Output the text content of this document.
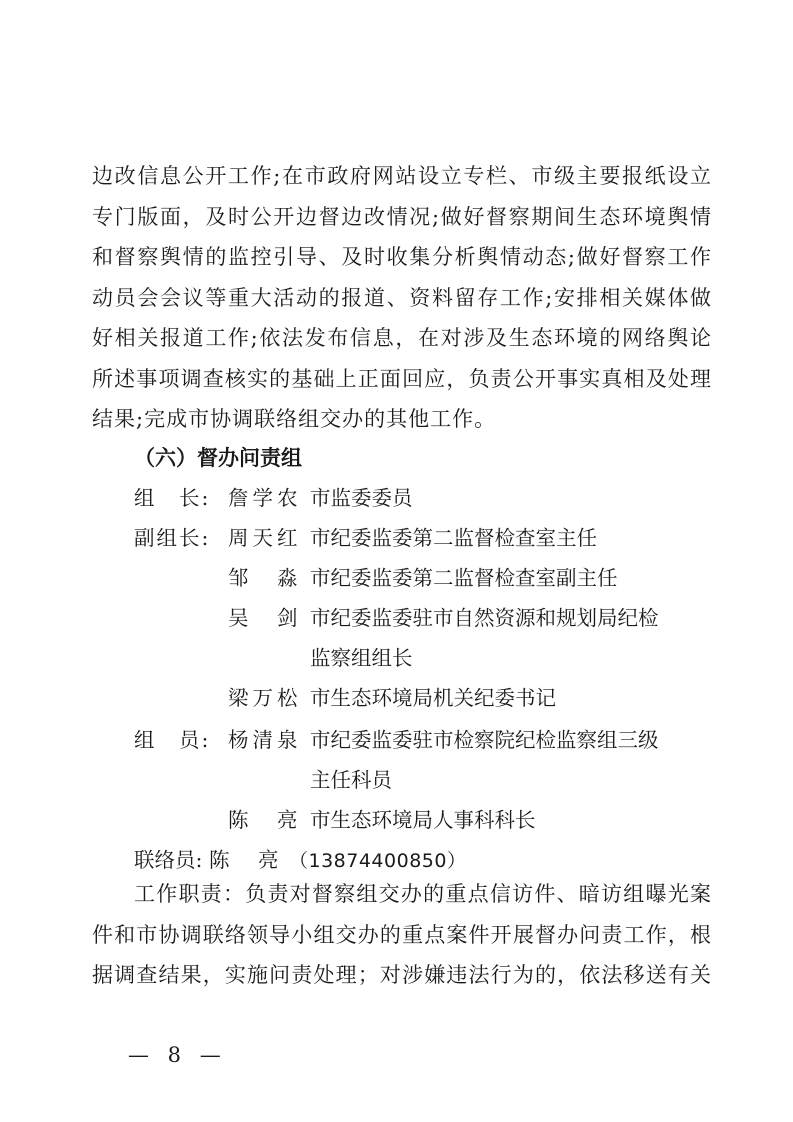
边改信息公开工作;在市政府网站设立专栏、市级主要报纸设立
专门版面，及时公开边督边改情况;做好督察期间生态环境舆情
和督察舆情的监控引导、及时收集分析舆情动态;做好督察工作
动员会会议等重大活动的报道、资料留存工作;安排相关媒体做
好相关报道工作;依法发布信息，在对涉及生态环境的网络舆论
所述事项调查核实的基础上正面回应，负责公开事实真相及处理
结果;完成市协调联络组交办的其他工作。

（六）督办问责组
组　长: 詹学农 市监委委员
副组长: 周天红 市纪委监委第二监督检查室主任
邹　淼 市纪委监委第二监督检查室副主任
吴　剑 市纪委监委驻市自然资源和规划局纪检
监察组组长
梁万松 市生态环境局机关纪委书记
组　员: 杨清泉 市纪委监委驻市检察院纪检监察组三级
主任科员
陈　亮 市生态环境局人事科科长
联络员: 陈　亮 （13874400850）

工作职责：负责对督察组交办的重点信访件、暗访组曝光案
件和市协调联络领导小组交办的重点案件开展督办问责工作，根
据调查结果，实施问责处理；对涉嫌违法行为的，依法移送有关

— 8 —
